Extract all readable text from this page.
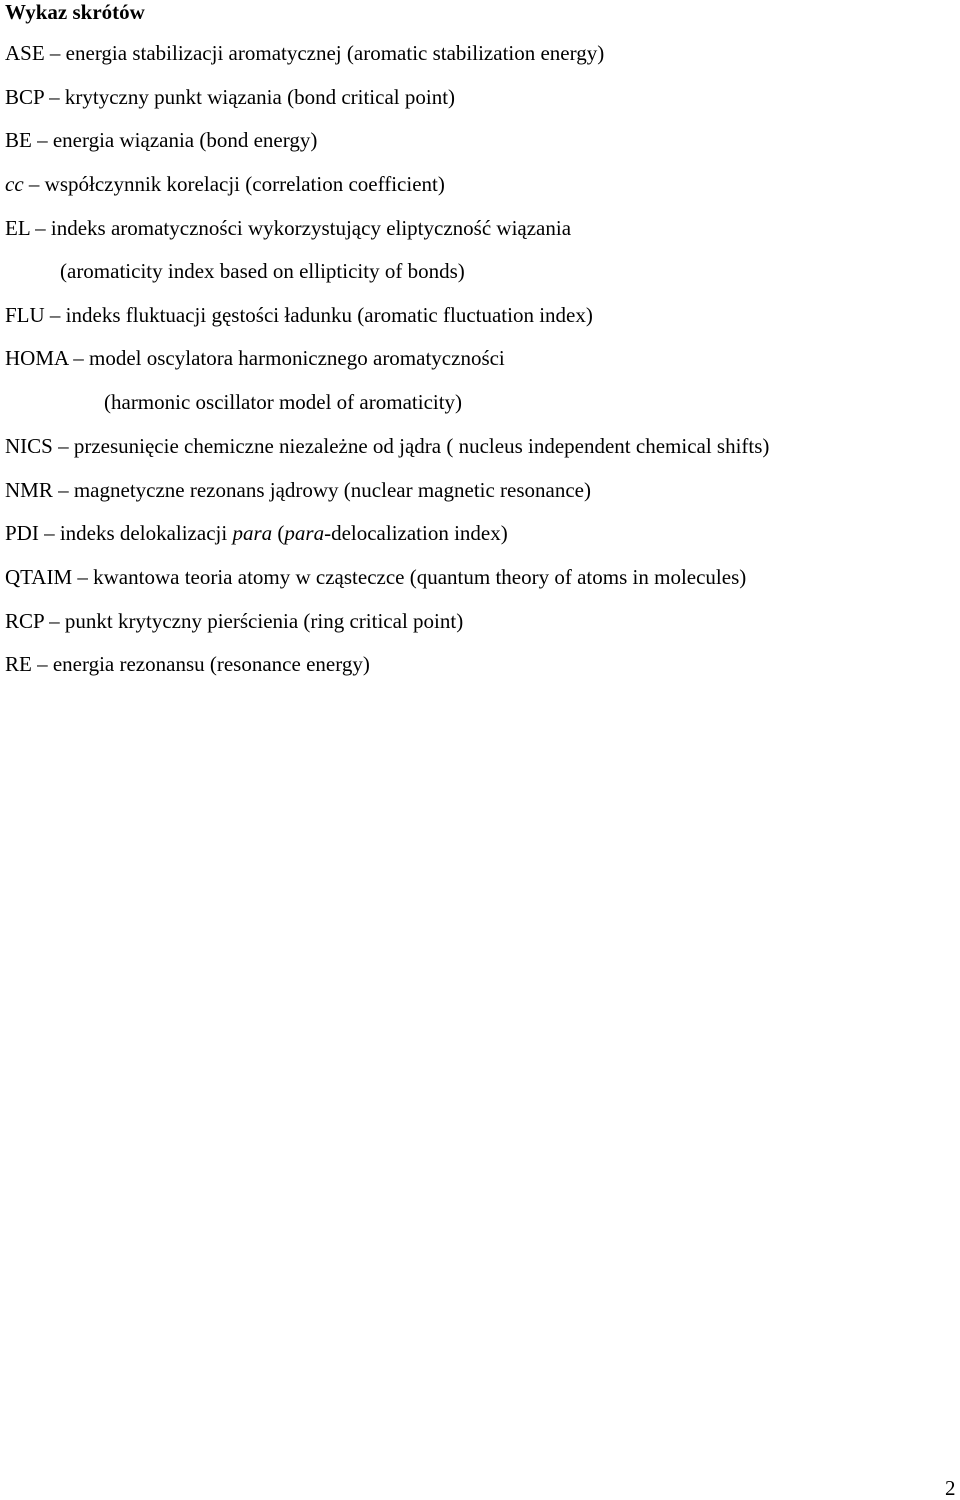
Wykaz skrótów

ASE – energia stabilizacji aromatycznej (aromatic stabilization energy)

BCP – krytyczny punkt wiązania (bond critical point)

BE – energia wiązania (bond energy)

cc – współczynnik korelacji (correlation coefficient)

EL – indeks aromatyczności wykorzystujący eliptyczność wiązania

(aromaticity index based on ellipticity of bonds)

FLU – indeks fluktuacji gęstości ładunku (aromatic fluctuation index)

HOMA – model oscylatora harmonicznego aromatyczności

(harmonic oscillator model of aromaticity)

NICS – przesunięcie chemiczne niezależne od jądra ( nucleus independent chemical shifts)

NMR – magnetyczne rezonans jądrowy (nuclear magnetic resonance)

PDI – indeks delokalizacji para (para-delocalization index)

QTAIM – kwantowa teoria atomy w cząsteczce (quantum theory of atoms in molecules)

RCP – punkt krytyczny pierścienia (ring critical point)

RE – energia rezonansu (resonance energy)

2
